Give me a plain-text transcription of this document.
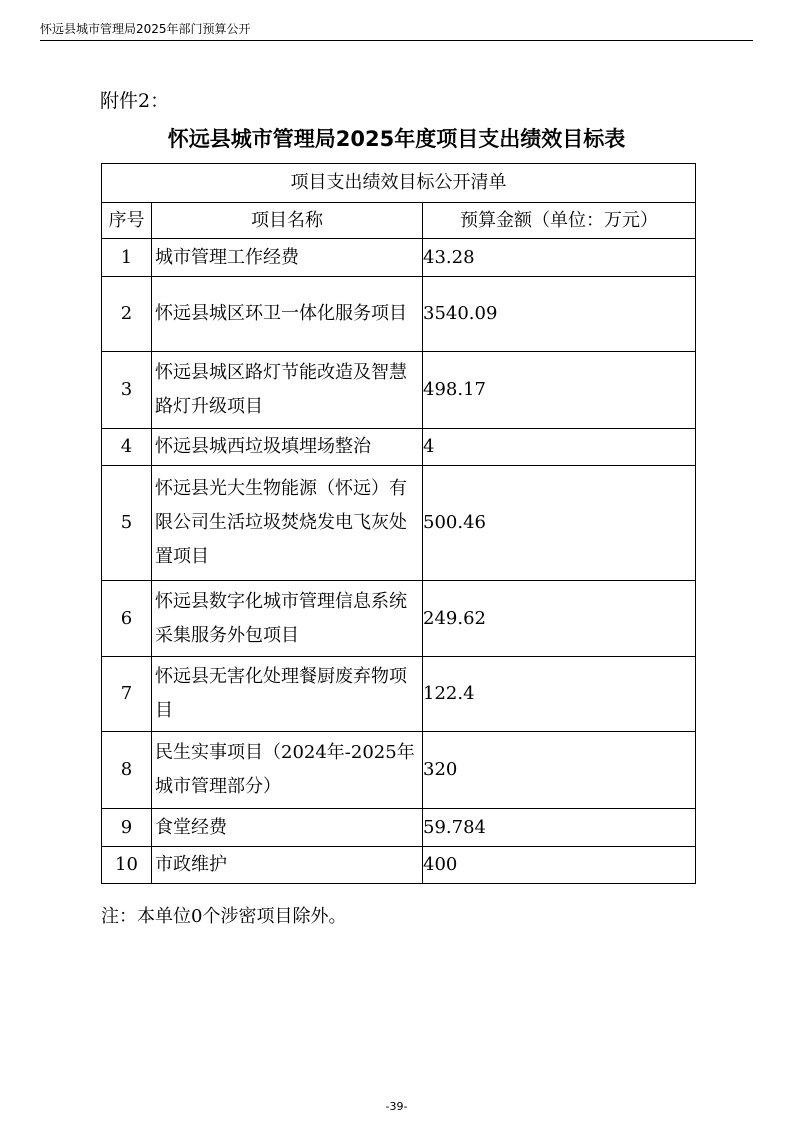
怀远县城市管理局2025年部门预算公开
附件2：
怀远县城市管理局2025年度项目支出绩效目标表
项目支出绩效目标公开清单		
序号	项目名称	预算金额（单位：万元）
1	城市管理工作经费	43.28
2	怀远县城区环卫一体化服务项目	3540.09
3	怀远县城区路灯节能改造及智慧路灯升级项目	498.17
4	怀远县城西垃圾填埋场整治	4
5	怀远县光大生物能源（怀远）有限公司生活垃圾焚烧发电飞灰处置项目	500.46
6	怀远县数字化城市管理信息系统采集服务外包项目	249.62
7	怀远县无害化处理餐厨废弃物项目	122.4
8	民生实事项目（2024年-2025年城市管理部分）	320
9	食堂经费	59.784
10	市政维护	400
注：本单位0个涉密项目除外。
-39-
